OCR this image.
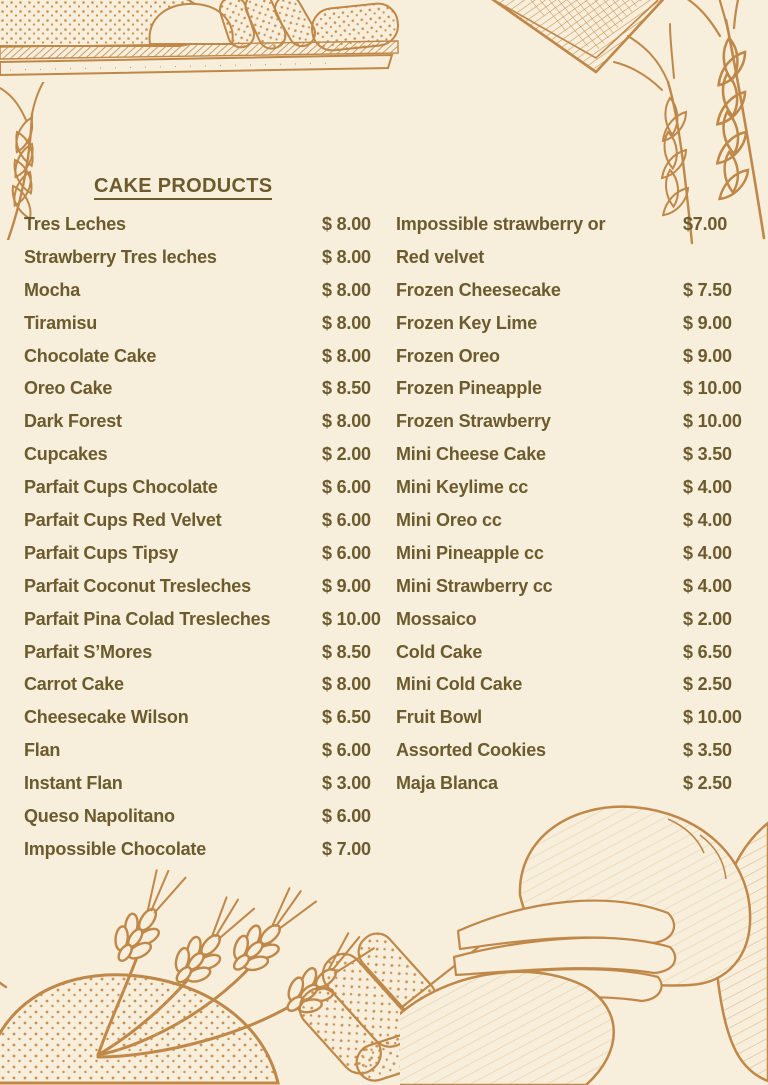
CAKE PRODUCTS
Tres Leches	$ 8.00
Strawberry Tres leches	$ 8.00
Mocha	$ 8.00
Tiramisu	$ 8.00
Chocolate Cake	$ 8.00
Oreo Cake	$ 8.50
Dark Forest	$ 8.00
Cupcakes	$ 2.00
Parfait Cups Chocolate	$ 6.00
Parfait Cups Red Velvet	$ 6.00
Parfait Cups Tipsy	$ 6.00
Parfait Coconut Tresleches	$ 9.00
Parfait Pina Colad Tresleches	$ 10.00
Parfait S’Mores	$ 8.50
Carrot Cake	$ 8.00
Cheesecake Wilson	$ 6.50
Flan	$ 6.00
Instant Flan	$ 3.00
Queso Napolitano	$ 6.00
Impossible Chocolate	$ 7.00
Impossible strawberry or	$7.00
Red velvet
Frozen Cheesecake	$ 7.50
Frozen Key Lime	$ 9.00
Frozen Oreo	$ 9.00
Frozen Pineapple	$ 10.00
Frozen Strawberry	$ 10.00
Mini Cheese Cake	$ 3.50
Mini Keylime cc	$ 4.00
Mini Oreo cc	$ 4.00
Mini Pineapple cc	$ 4.00
Mini Strawberry cc	$ 4.00
Mossaico	$ 2.00
Cold Cake	$ 6.50
Mini Cold Cake	$ 2.50
Fruit Bowl	$ 10.00
Assorted Cookies	$ 3.50
Maja Blanca	$ 2.50
